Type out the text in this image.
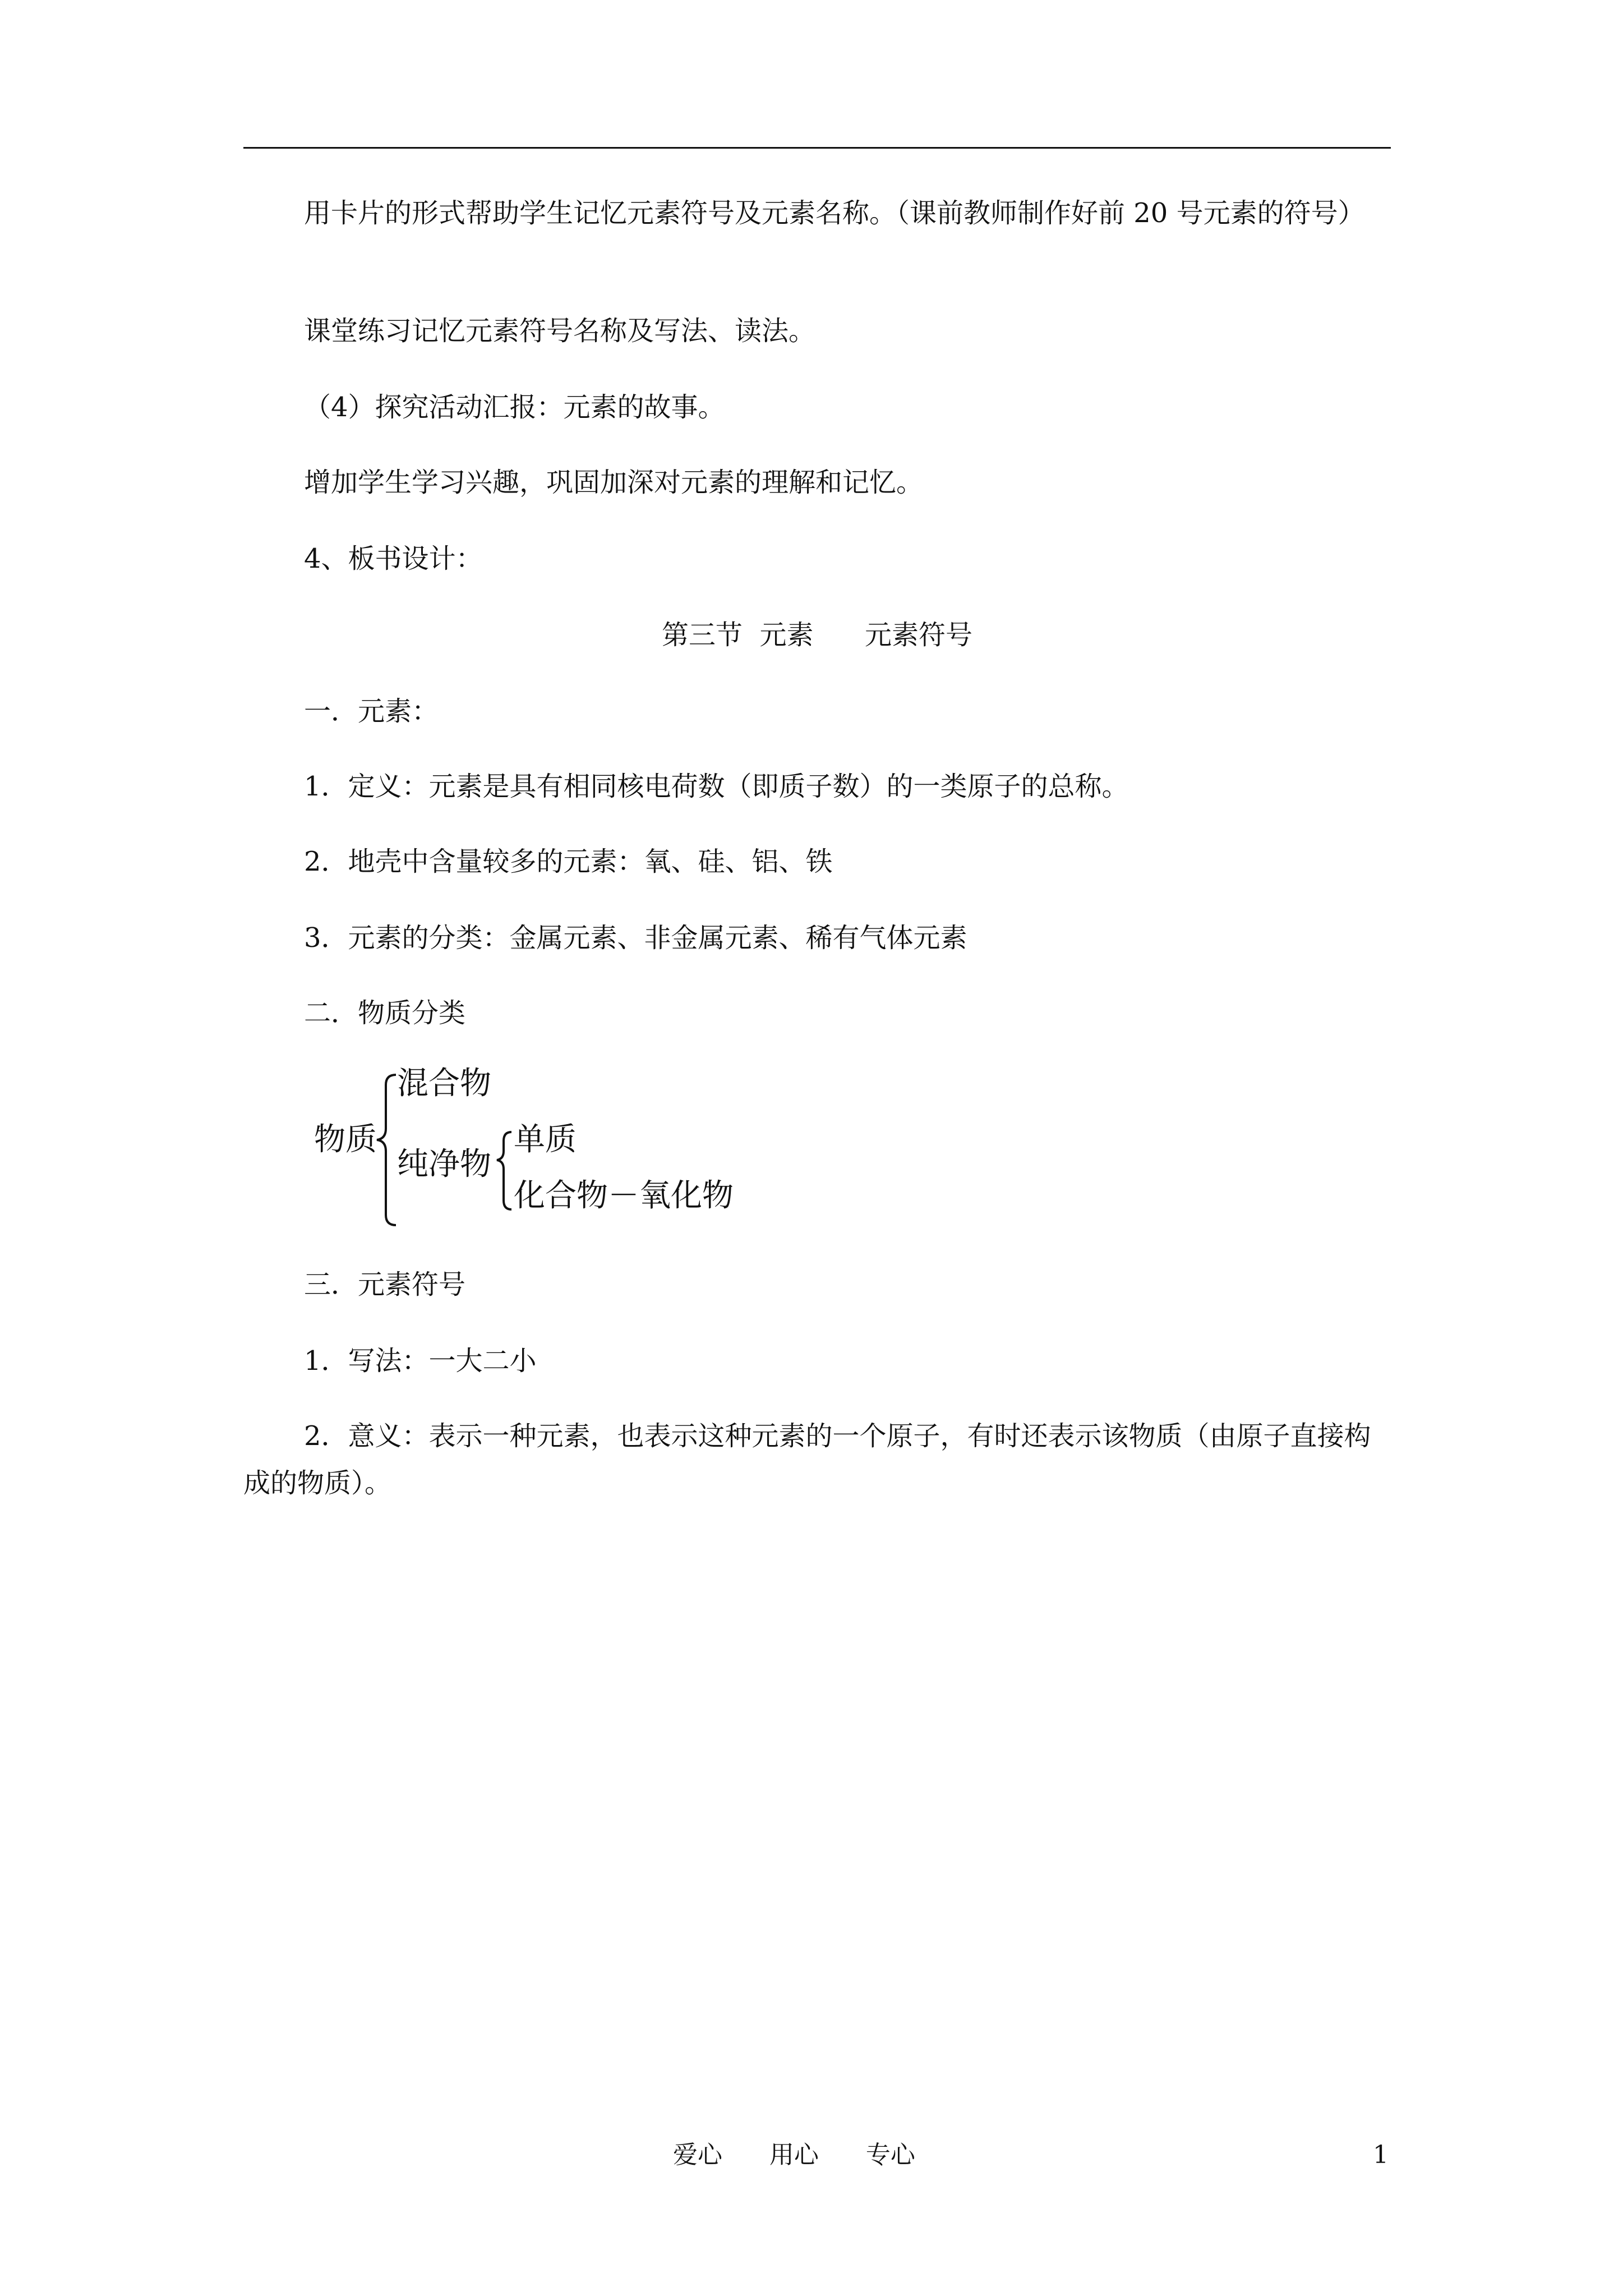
用卡片的形式帮助学生记忆元素符号及元素名称。（课前教师制作好前 20 号元素的符号）

课堂练习记忆元素符号名称及写法、读法。

（4）探究活动汇报：元素的故事。

增加学生学习兴趣，巩固加深对元素的理解和记忆。

4、板书设计：

第三节  元素      元素符号

一．元素：

1．定义：元素是具有相同核电荷数（即质子数）的一类原子的总称。

2．地壳中含量较多的元素：氧、硅、铝、铁

3．元素的分类：金属元素、非金属元素、稀有气体元素

二．物质分类

物质
混合物
纯净物
单质
化合物－氧化物

三．元素符号

1．写法：一大二小

2．意义：表示一种元素，也表示这种元素的一个原子，有时还表示该物质（由原子直接构成的物质）。

爱心      用心      专心	1
